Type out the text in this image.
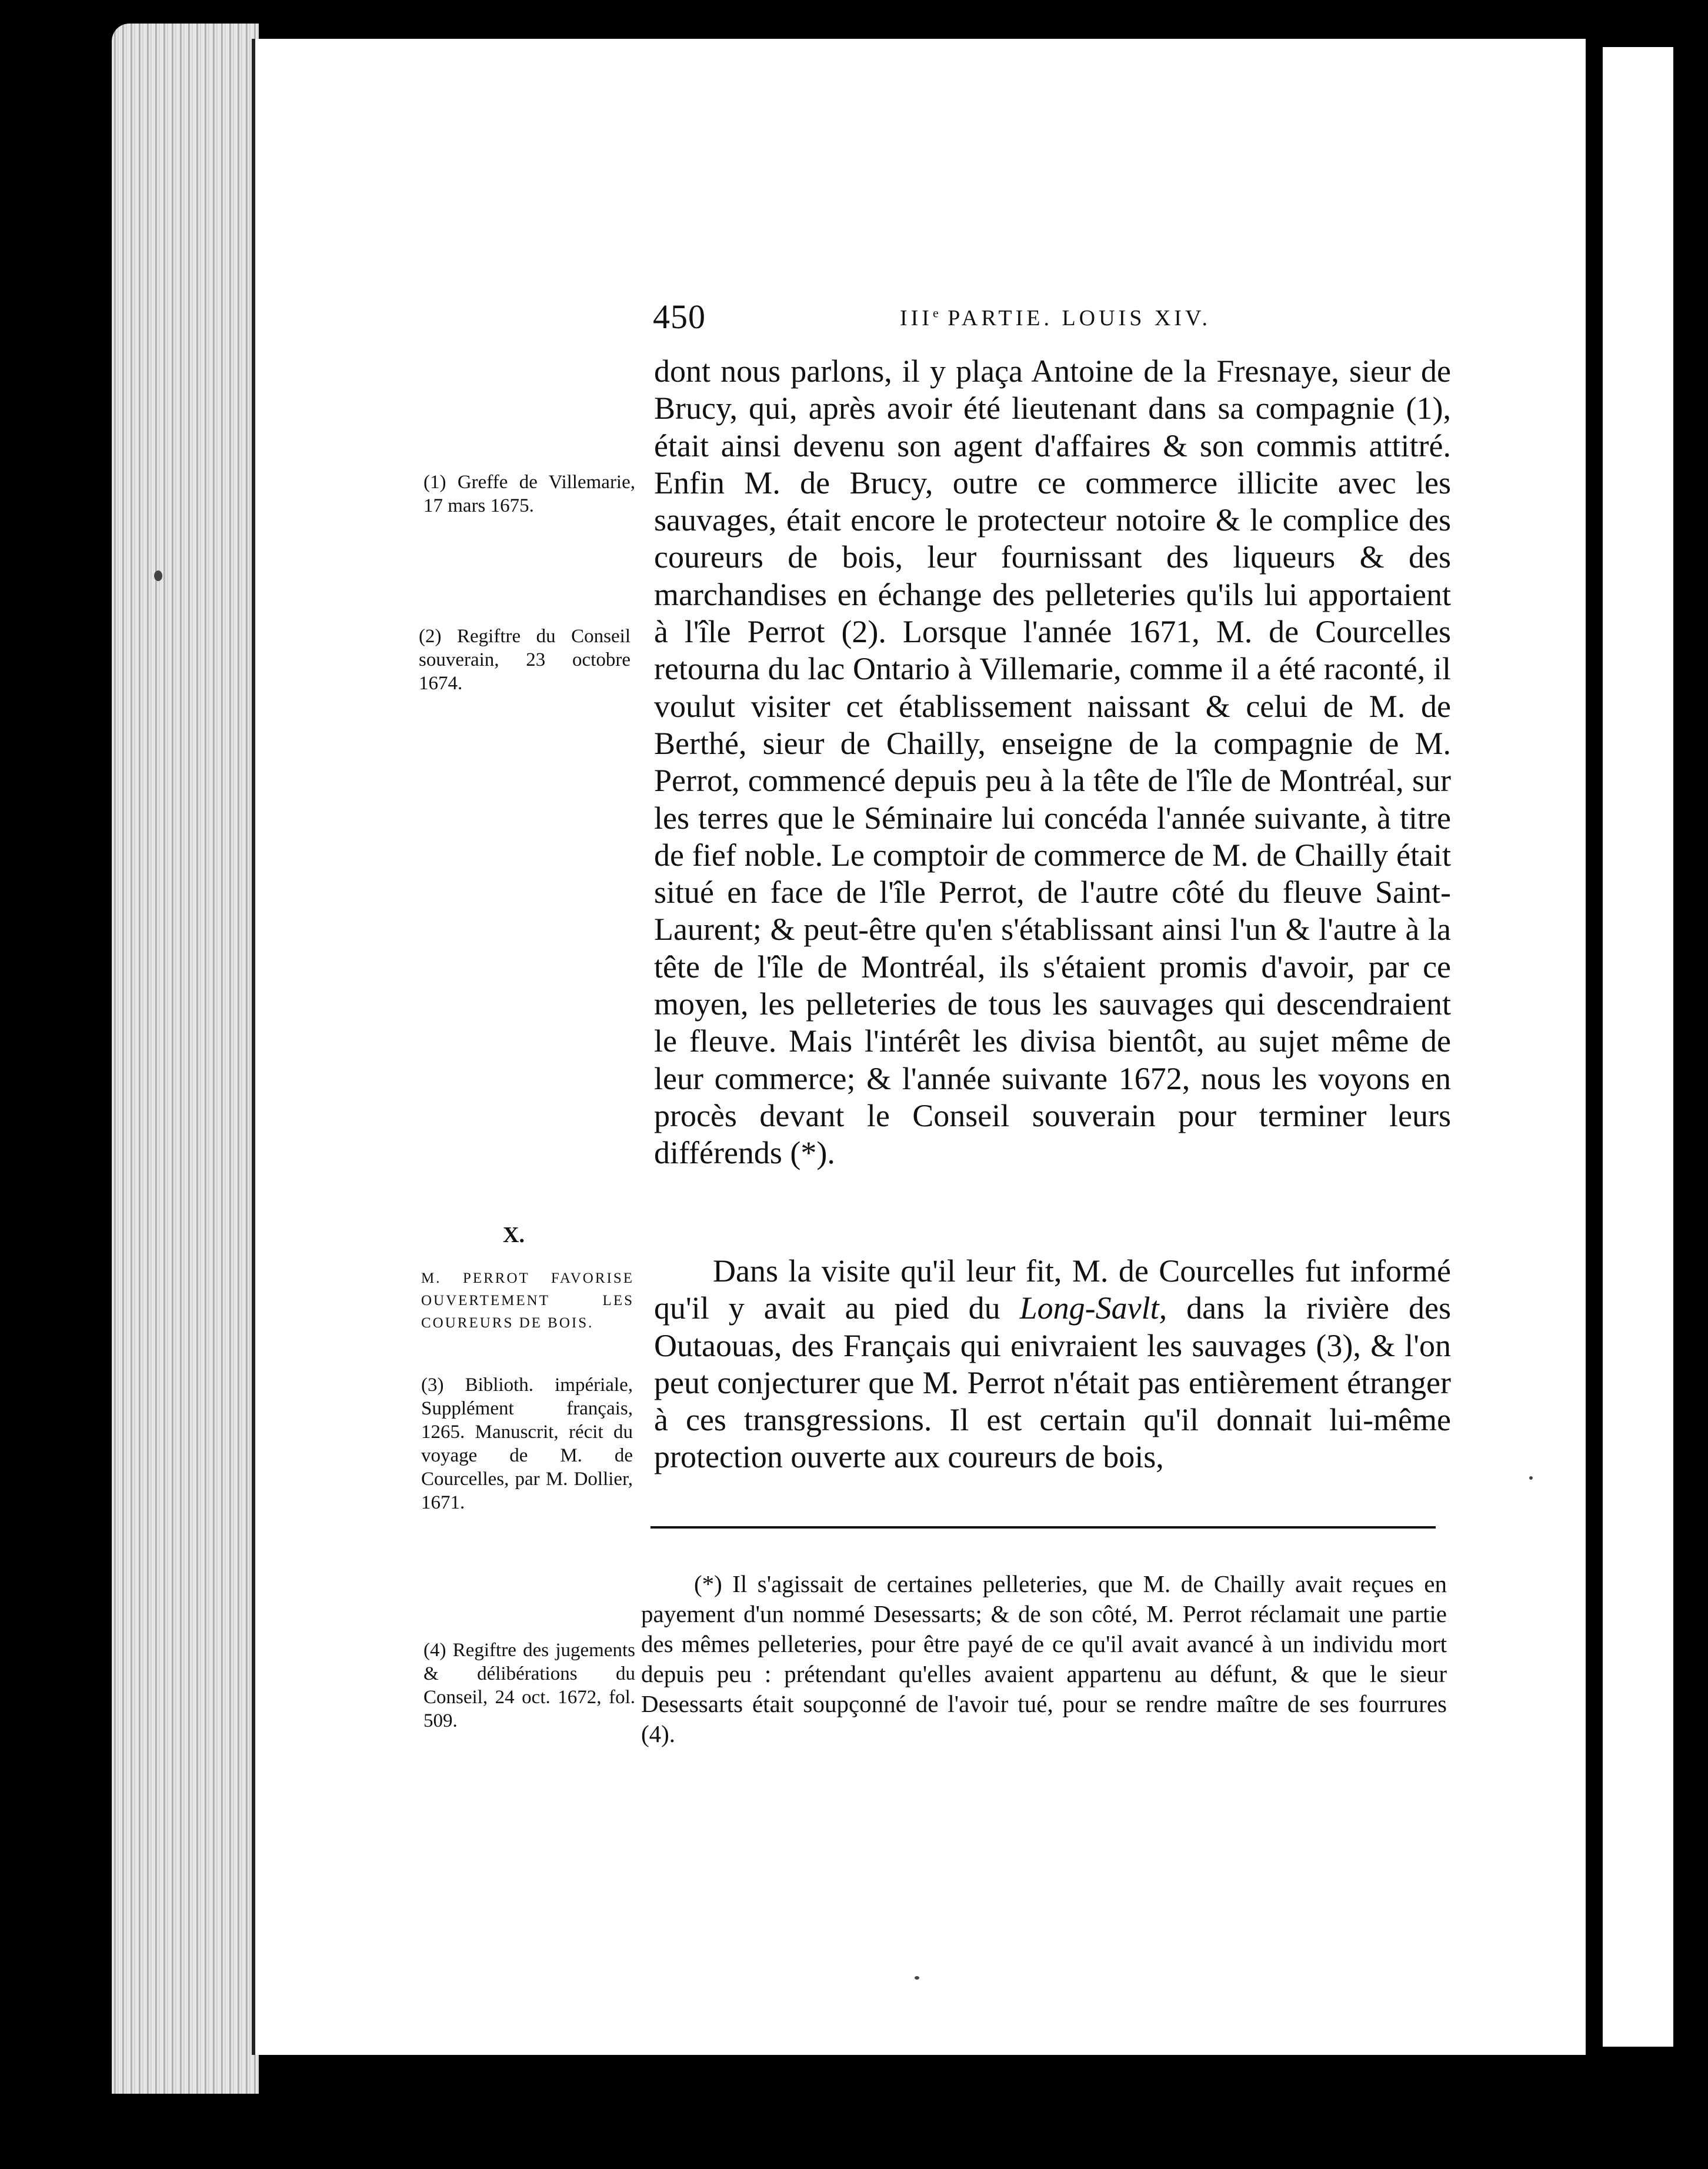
450	IIIe PARTIE. LOUIS XIV.

dont nous parlons, il y plaça Antoine de la Fresnaye, sieur de Brucy, qui, après avoir été lieutenant dans sa compagnie (1), était ainsi devenu son agent d'affaires & son commis attitré. Enfin M. de Brucy, outre ce commerce illicite avec les sauvages, était encore le protecteur notoire & le complice des coureurs de bois, leur fournissant des liqueurs & des marchandises en échange des pelleteries qu'ils lui apportaient à l'île Perrot (2). Lorsque l'année 1671, M. de Courcelles retourna du lac Ontario à Villemarie, comme il a été raconté, il voulut visiter cet établissement naissant & celui de M. de Berthé, sieur de Chailly, enseigne de la compagnie de M. Perrot, commencé depuis peu à la tête de l'île de Montréal, sur les terres que le Séminaire lui concéda l'année suivante, à titre de fief noble. Le comptoir de commerce de M. de Chailly était situé en face de l'île Perrot, de l'autre côté du fleuve Saint-Laurent; & peut-être qu'en s'établissant ainsi l'un & l'autre à la tête de l'île de Montréal, ils s'étaient promis d'avoir, par ce moyen, les pelleteries de tous les sauvages qui descendraient le fleuve. Mais l'intérêt les divisa bientôt, au sujet même de leur commerce; & l'année suivante 1672, nous les voyons en procès devant le Conseil souverain pour terminer leurs différends (*).

Dans la visite qu'il leur fit, M. de Courcelles fut informé qu'il y avait au pied du Long-Savlt, dans la rivière des Outaouas, des Français qui enivraient les sauvages (3), & l'on peut conjecturer que M. Perrot n'était pas entièrement étranger à ces transgressions. Il est certain qu'il donnait lui-même protection ouverte aux coureurs de bois,

(1) Greffe de Villemarie, 17 mars 1675.
(2) Regiftre du Conseil souverain, 23 octobre 1674.
X.
M. PERROT FAVORISE OUVERTEMENT LES COUREURS DE BOIS.
(3) Biblioth. impériale, Supplément français, 1265. Manuscrit, récit du voyage de M. de Courcelles, par M. Dollier, 1671.
(4) Regiftre des jugements & délibérations du Conseil, 24 oct. 1672, fol. 509.

(*) Il s'agissait de certaines pelleteries, que M. de Chailly avait reçues en payement d'un nommé Desessarts; & de son côté, M. Perrot réclamait une partie des mêmes pelleteries, pour être payé de ce qu'il avait avancé à un individu mort depuis peu : prétendant qu'elles avaient appartenu au défunt, & que le sieur Desessarts était soupçonné de l'avoir tué, pour se rendre maître de ses fourrures (4).
